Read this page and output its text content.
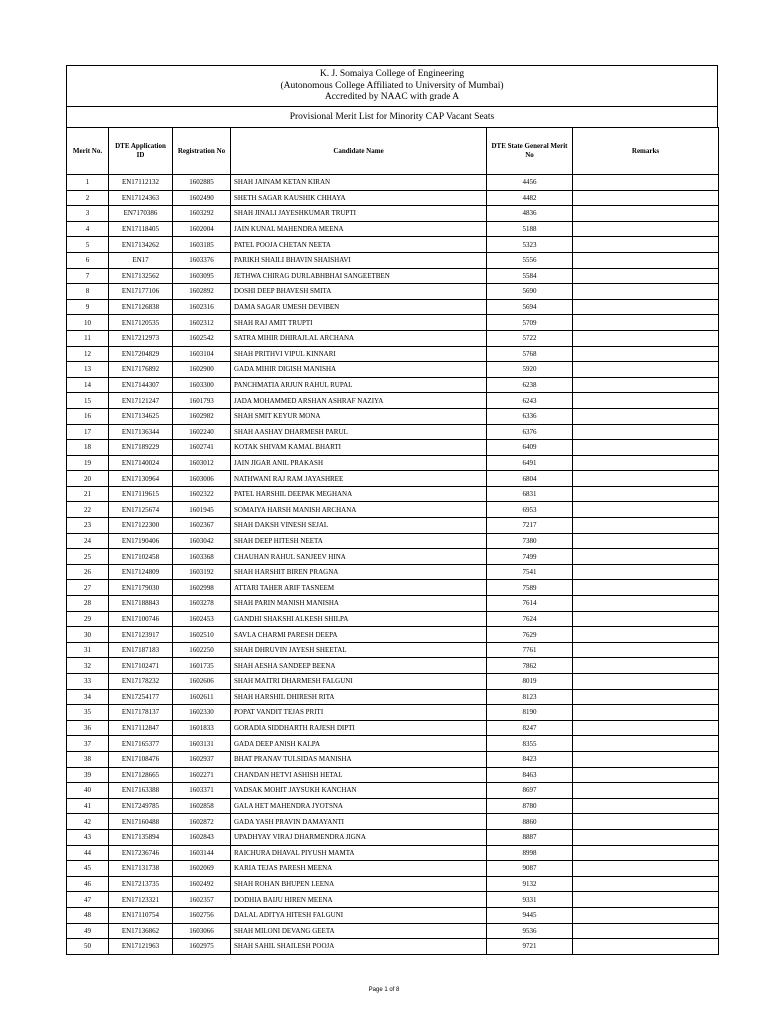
K. J. Somaiya College of Engineering
(Autonomous College Affiliated to University of Mumbai)
Accredited by NAAC with grade A
Provisional Merit List for Minority CAP Vacant Seats
Merit No.	DTE Application ID	Registration No	Candidate Name	DTE State General Merit No	Remarks
1	EN17112132	1602885	SHAH JAINAM KETAN KIRAN	4456	
2	EN17124363	1602490	SHETH SAGAR KAUSHIK CHHAYA	4482	
3	EN7170386	1603292	SHAH JINALI JAYESHKUMAR TRUPTI	4836	
4	EN17118405	1602004	JAIN KUNAL MAHENDRA MEENA	5188	
5	EN17134262	1603185	PATEL POOJA CHETAN NEETA	5323	
6	EN17	1603376	PARIKH SHAILI BHAVIN SHAISHAVI	5556	
7	EN17132562	1603095	JETHWA CHIRAG DURLABHBHAI SANGEETBEN	5584	
8	EN17177106	1602892	DOSHI DEEP BHAVESH SMITA	5690	
9	EN17126838	1602316	DAMA SAGAR UMESH DEVIBEN	5694	
10	EN17120535	1602312	SHAH RAJ AMIT TRUPTI	5709	
11	EN17212973	1602542	SATRA MIHIR DHIRAJLAL ARCHANA	5722	
12	EN17204829	1603104	SHAH PRITHVI VIPUL KINNARI	5768	
13	EN17176892	1602900	GADA MIHIR DIGISH MANISHA	5920	
14	EN17144307	1603300	PANCHMATIA ARJUN RAHUL RUPAL	6238	
15	EN17121247	1601793	JADA MOHAMMED ARSHAN ASHRAF NAZIYA	6243	
16	EN17134625	1602982	SHAH SMIT KEYUR MONA	6336	
17	EN17136344	1602240	SHAH AASHAY DHARMESH PARUL	6376	
18	EN17189229	1602741	KOTAK SHIVAM KAMAL BHARTI	6409	
19	EN17140024	1603012	JAIN JIGAR ANIL PRAKASH	6491	
20	EN17130964	1603006	NATHWANI RAJ RAM JAYASHREE	6804	
21	EN17119615	1602322	PATEL HARSHIL DEEPAK MEGHANA	6831	
22	EN17125674	1601945	SOMAIYA HARSH MANISH ARCHANA	6953	
23	EN17122300	1602367	SHAH DAKSH VINESH SEJAL	7217	
24	EN17190406	1603042	SHAH DEEP HITESH NEETA	7380	
25	EN17102458	1603368	CHAUHAN RAHUL SANJEEV HINA	7499	
26	EN17124809	1603192	SHAH HARSHIT BIREN PRAGNA	7541	
27	EN17179030	1602998	ATTARI TAHER ARIF TASNEEM	7589	
28	EN17188843	1603278	SHAH PARIN MANISH MANISHA	7614	
29	EN17100746	1602453	GANDHI SHAKSHI ALKESH SHILPA	7624	
30	EN17123917	1602510	SAVLA CHARMI PARESH DEEPA	7629	
31	EN17187183	1602250	SHAH DHRUVIN JAYESH SHEETAL	7761	
32	EN17102471	1601735	SHAH AESHA SANDEEP BEENA	7862	
33	EN17178232	1602606	SHAH MAITRI DHARMESH FALGUNI	8019	
34	EN17254177	1602611	SHAH HARSHIL DHIRESH RITA	8123	
35	EN17178137	1602330	POPAT VANDIT TEJAS PRITI	8190	
36	EN17112847	1601833	GORADIA SIDDHARTH RAJESH DIPTI	8247	
37	EN17165377	1603131	GADA DEEP ANISH KALPA	8355	
38	EN17108476	1602937	BHAT PRANAV TULSIDAS MANISHA	8423	
39	EN17128665	1602271	CHANDAN HETVI ASHISH HETAL	8463	
40	EN17163388	1603371	VADSAK MOHIT JAYSUKH KANCHAN	8697	
41	EN17249785	1602858	GALA HET MAHENDRA JYOTSNA	8780	
42	EN17160488	1602872	GADA YASH PRAVIN DAMAYANTI	8860	
43	EN17135894	1602843	UPADHYAY VIRAJ DHARMENDRA JIGNA	8887	
44	EN17236746	1603144	RAICHURA DHAVAL PIYUSH MAMTA	8998	
45	EN17131738	1602069	KARIA TEJAS PARESH MEENA	9087	
46	EN17213735	1602492	SHAH ROHAN BHUPEN LEENA	9132	
47	EN17123321	1602357	DODHIA BAIJU HIREN MEENA	9331	
48	EN17110754	1602756	DALAL ADITYA HITESH FALGUNI	9445	
49	EN17136862	1603066	SHAH MILONI DEVANG GEETA	9536	
50	EN17121963	1602975	SHAH SAHIL SHAILESH POOJA	9721	
Page 1 of 8
